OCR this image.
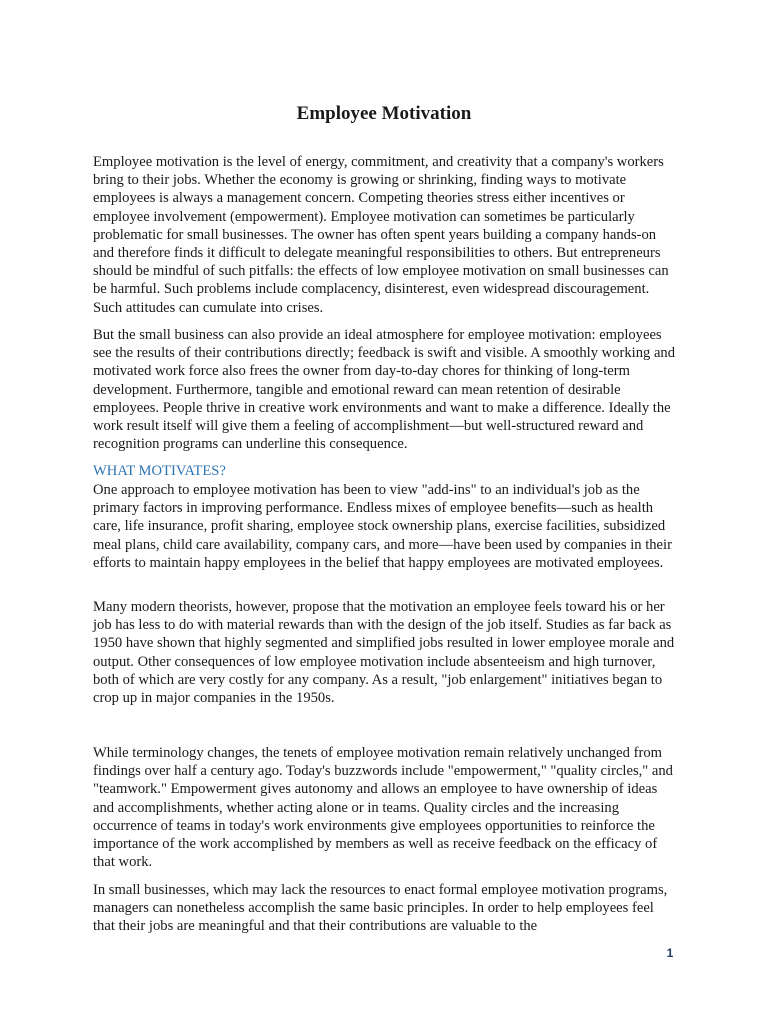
Employee Motivation

Employee motivation is the level of energy, commitment, and creativity that a company's workers bring to their jobs. Whether the economy is growing or shrinking, finding ways to motivate employees is always a management concern. Competing theories stress either incentives or employee involvement (empowerment). Employee motivation can sometimes be particularly problematic for small businesses. The owner has often spent years building a company hands-on and therefore finds it difficult to delegate meaningful responsibilities to others. But entrepreneurs should be mindful of such pitfalls: the effects of low employee motivation on small businesses can be harmful. Such problems include complacency, disinterest, even widespread discouragement. Such attitudes can cumulate into crises.

But the small business can also provide an ideal atmosphere for employee motivation: employees see the results of their contributions directly; feedback is swift and visible. A smoothly working and motivated work force also frees the owner from day-to-day chores for thinking of long-term development. Furthermore, tangible and emotional reward can mean retention of desirable employees. People thrive in creative work environments and want to make a difference. Ideally the work result itself will give them a feeling of accomplishment—but well-structured reward and recognition programs can underline this consequence.

WHAT MOTIVATES?

One approach to employee motivation has been to view "add-ins" to an individual's job as the primary factors in improving performance. Endless mixes of employee benefits—such as health care, life insurance, profit sharing, employee stock ownership plans, exercise facilities, subsidized meal plans, child care availability, company cars, and more—have been used by companies in their efforts to maintain happy employees in the belief that happy employees are motivated employees.

Many modern theorists, however, propose that the motivation an employee feels toward his or her job has less to do with material rewards than with the design of the job itself. Studies as far back as 1950 have shown that highly segmented and simplified jobs resulted in lower employee morale and output. Other consequences of low employee motivation include absenteeism and high turnover, both of which are very costly for any company. As a result, "job enlargement" initiatives began to crop up in major companies in the 1950s.

While terminology changes, the tenets of employee motivation remain relatively unchanged from findings over half a century ago. Today's buzzwords include "empowerment," "quality circles," and "teamwork." Empowerment gives autonomy and allows an employee to have ownership of ideas and accomplishments, whether acting alone or in teams. Quality circles and the increasing occurrence of teams in today's work environments give employees opportunities to reinforce the importance of the work accomplished by members as well as receive feedback on the efficacy of that work.

In small businesses, which may lack the resources to enact formal employee motivation programs, managers can nonetheless accomplish the same basic principles. In order to help employees feel that their jobs are meaningful and that their contributions are valuable to the

1
